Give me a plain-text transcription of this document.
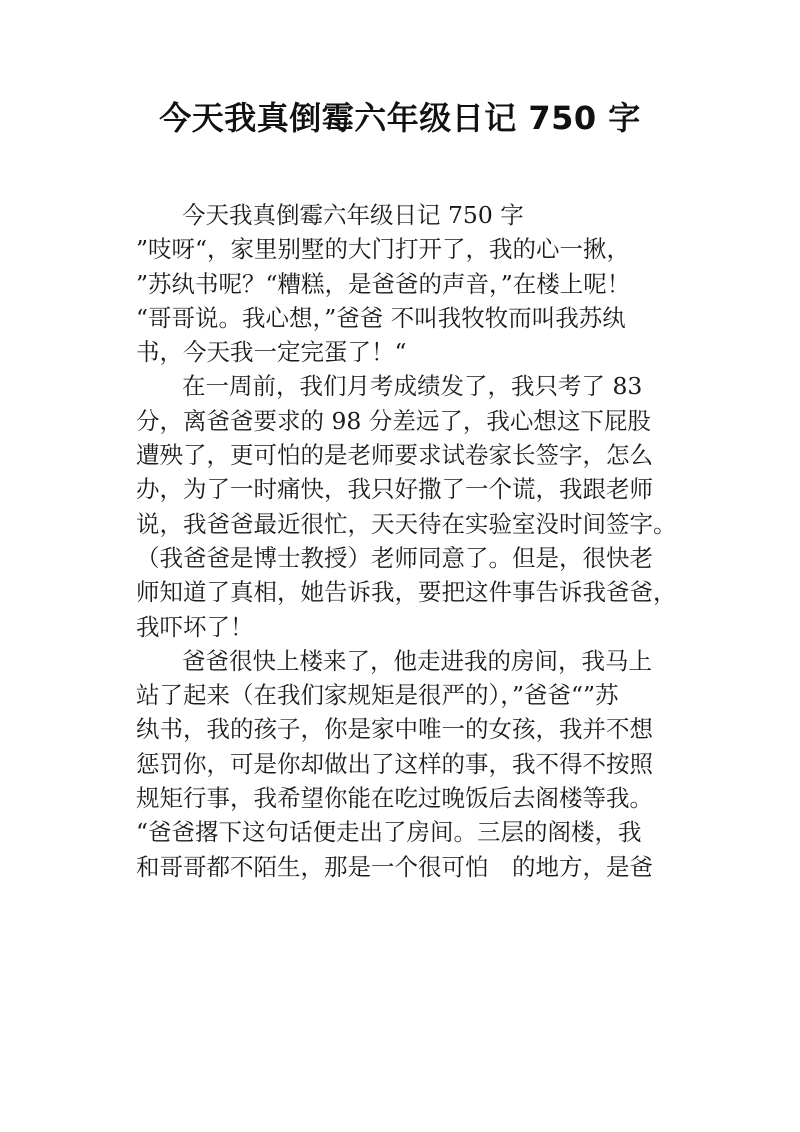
今天我真倒霉六年级日记 750 字
今天我真倒霉六年级日记 750 字
”吱呀“，家里别墅的大门打开了，我的心一揪，
”苏纨书呢？“糟糕，是爸爸的声音，”在楼上呢！
“哥哥说。我心想，”爸爸 不叫我牧牧而叫我苏纨
书，今天我一定完蛋了！“
在一周前，我们月考成绩发了，我只考了 83
分，离爸爸要求的 98 分差远了，我心想这下屁股
遭殃了，更可怕的是老师要求试卷家长签字，怎么
办，为了一时痛快，我只好撒了一个谎，我跟老师
说，我爸爸最近很忙，天天待在实验室没时间签字。
（我爸爸是博士教授）老师同意了。但是，很快老
师知道了真相，她告诉我，要把这件事告诉我爸爸，
我吓坏了！
爸爸很快上楼来了，他走进我的房间，我马上
站了起来（在我们家规矩是很严的），”爸爸“”苏
纨书，我的孩子，你是家中唯一的女孩，我并不想
惩罚你，可是你却做出了这样的事，我不得不按照
规矩行事，我希望你能在吃过晚饭后去阁楼等我。
“爸爸撂下这句话便走出了房间。三层的阁楼，我
和哥哥都不陌生，那是一个很可怕　的地方，是爸
